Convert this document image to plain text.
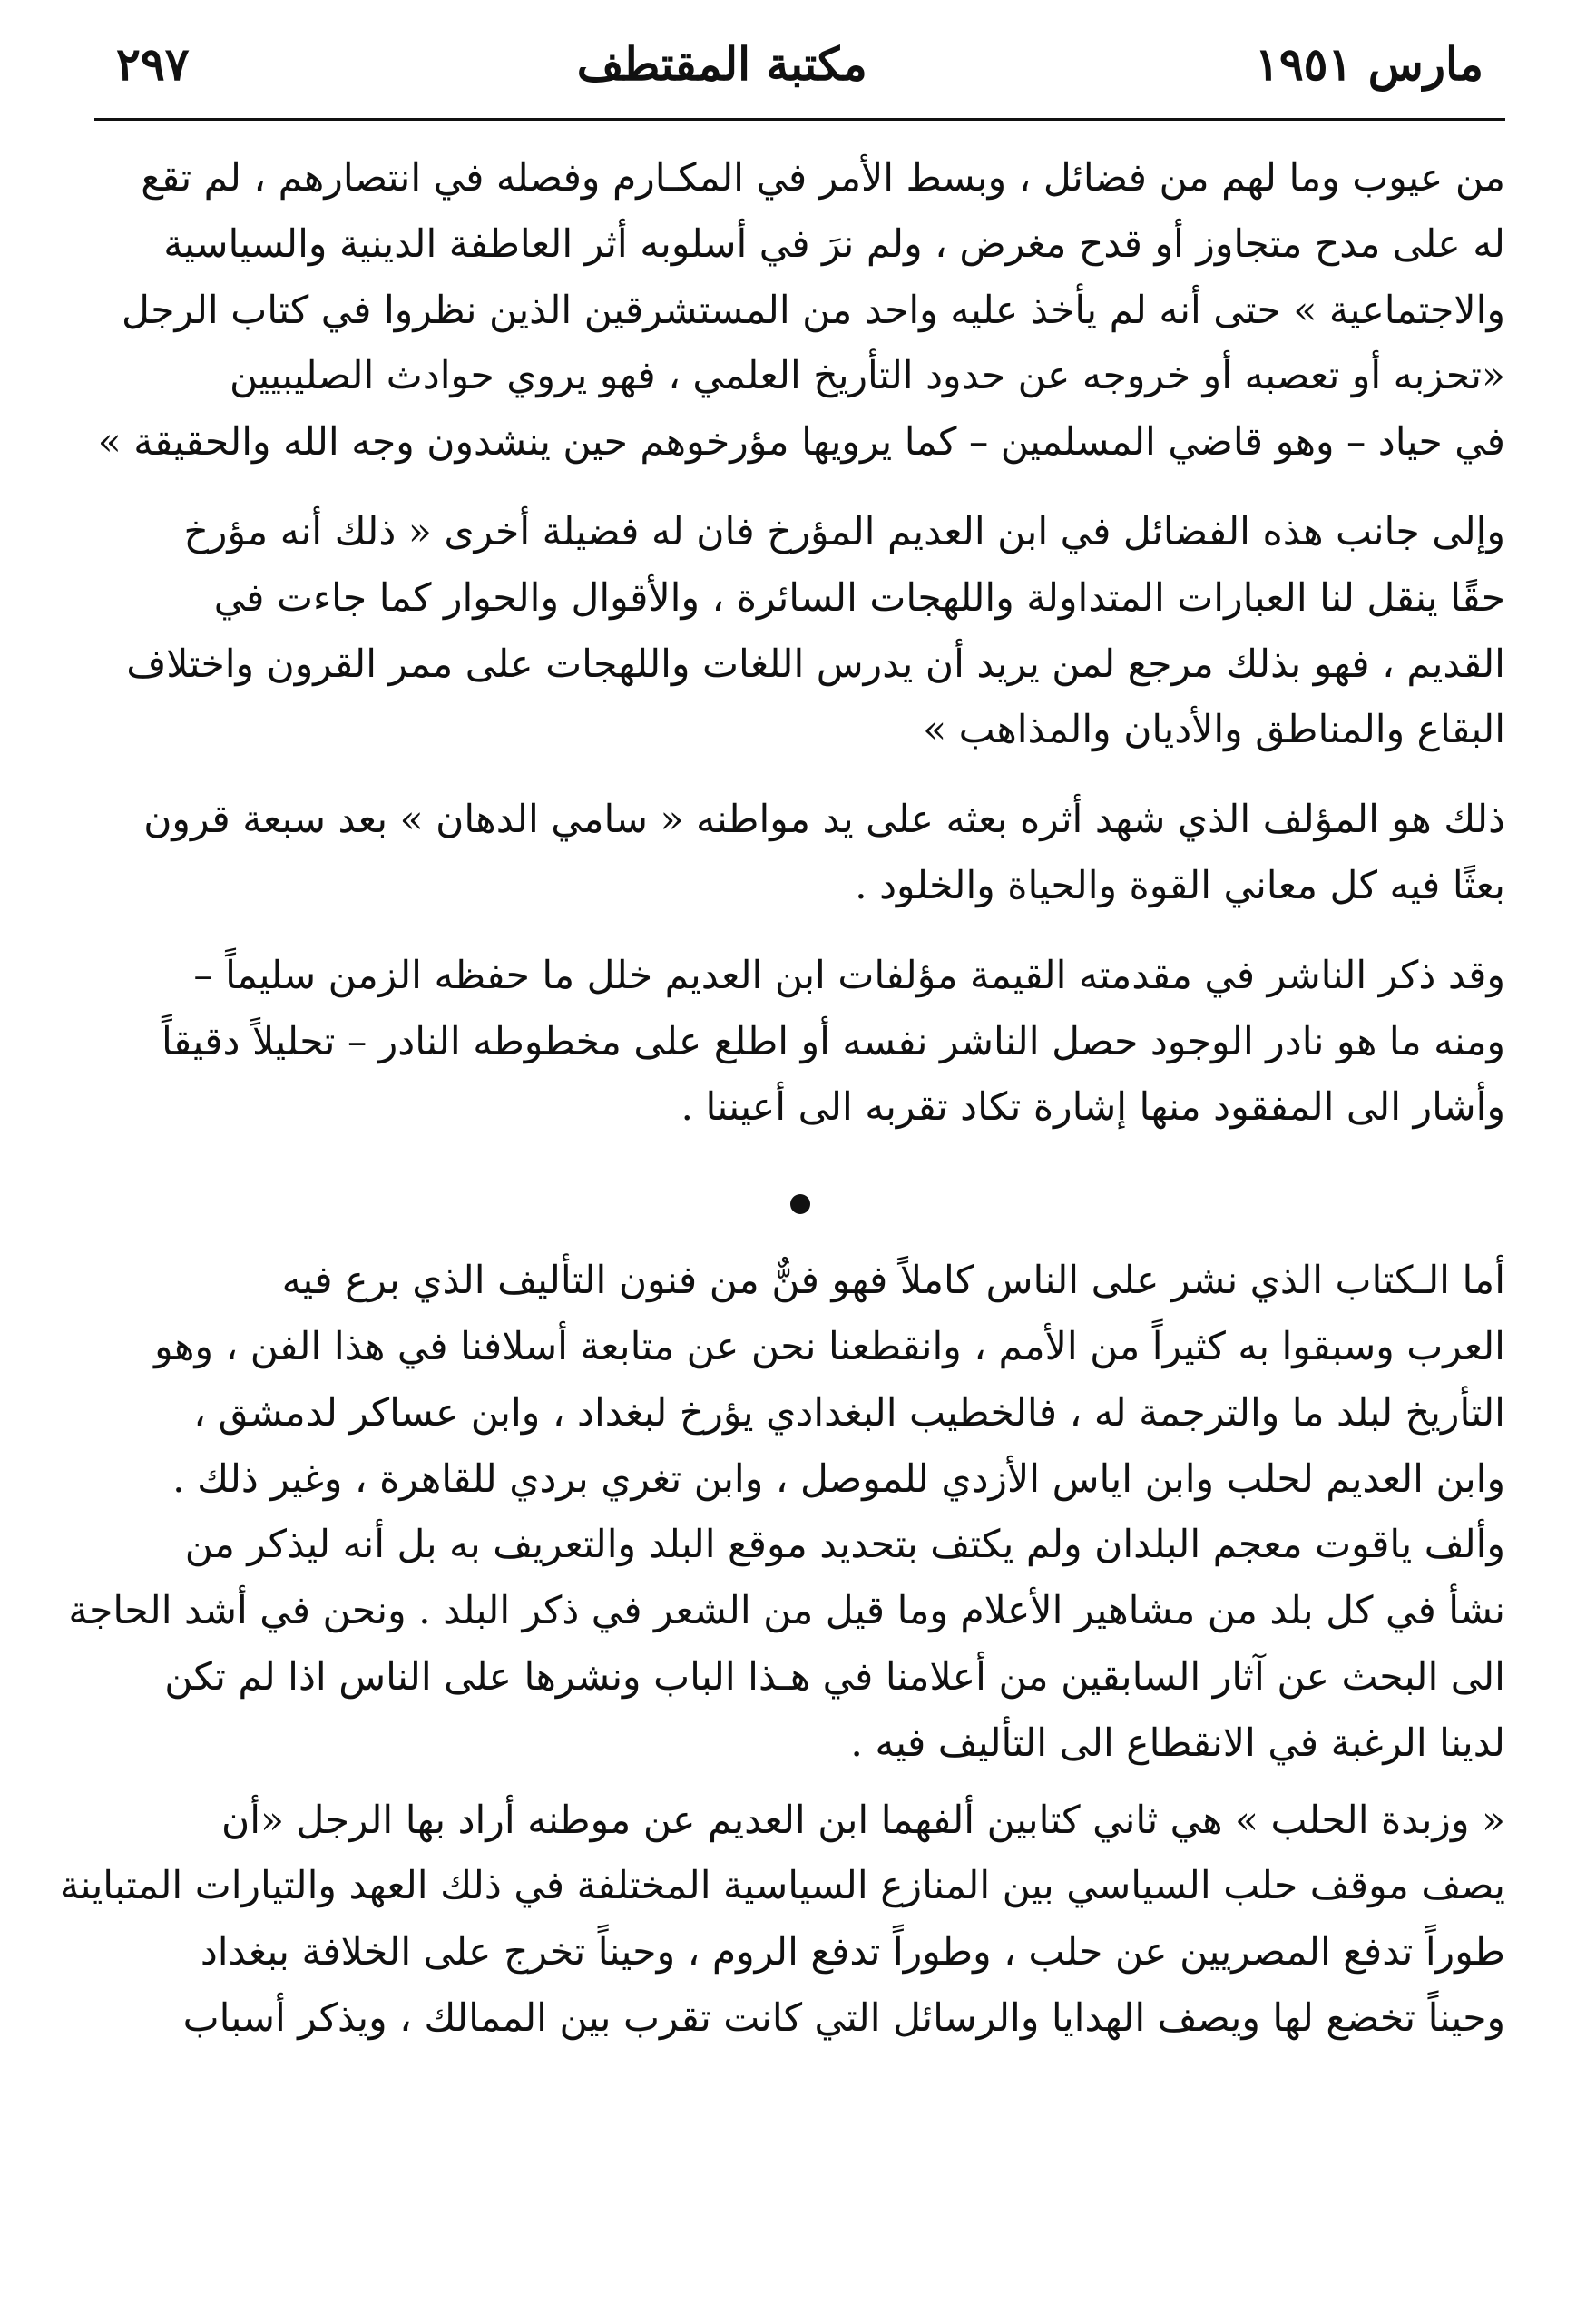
مارس ١٩٥١
مكتبة المقتطف
٢٩٧

من عيوب وما لهم من فضائل ، وبسط الأمر في المكـارم وفصله في انتصارهم ، لم تقع
له على مدح متجاوز أو قدح مغرض ، ولم نرَ في أسلوبه أثر العاطفة الدينية والسياسية
والاجتماعية » حتى أنه لم يأخذ عليه واحد من المستشرقين الذين نظروا في كتاب الرجل
«تحزبه أو تعصبه أو خروجه عن حدود التأريخ العلمي ، فهو يروي حوادث الصليبيين
في حياد – وهو قاضي المسلمين – كما يرويها مؤرخوهم حين ينشدون وجه الله والحقيقة »

وإلى جانب هذه الفضائل في ابن العديم المؤرخ فان له فضيلة أخرى « ذلك أنه مؤرخ
حقًا ينقل لنا العبارات المتداولة واللهجات السائرة ، والأقوال والحوار كما جاءت في
القديم ، فهو بذلك مرجع لمن يريد أن يدرس اللغات واللهجات على ممر القرون واختلاف
البقاع والمناطق والأديان والمذاهب »

ذلك هو المؤلف الذي شهد أثره بعثه على يد مواطنه « سامي الدهان » بعد سبعة قرون
بعثًا فيه كل معاني القوة والحياة والخلود .

وقد ذكر الناشر في مقدمته القيمة مؤلفات ابن العديم خلل ما حفظه الزمن سليماً –
ومنه ما هو نادر الوجود حصل الناشر نفسه أو اطلع على مخطوطه النادر – تحليلاً دقيقاً
وأشار الى المفقود منها إشارة تكاد تقربه الى أعيننا .

أما الـكتاب الذي نشر على الناس كاملاً فهو فنٌّ من فنون التأليف الذي برع فيه
العرب وسبقوا به كثيراً من الأمم ، وانقطعنا نحن عن متابعة أسلافنا في هذا الفن ، وهو
التأريخ لبلد ما والترجمة له ، فالخطيب البغدادي يؤرخ لبغداد ، وابن عساكر لدمشق ،
وابن العديم لحلب وابن اياس الأزدي للموصل ، وابن تغري بردي للقاهرة ، وغير ذلك .
وألف ياقوت معجم البلدان ولم يكتف بتحديد موقع البلد والتعريف به بل أنه ليذكر من
نشأ في كل بلد من مشاهير الأعلام وما قيل من الشعر في ذكر البلد . ونحن في أشد الحاجة
الى البحث عن آثار السابقين من أعلامنا في هـذا الباب ونشرها على الناس اذا لم تكن
لدينا الرغبة في الانقطاع الى التأليف فيه .

« وزبدة الحلب » هي ثاني كتابين ألفهما ابن العديم عن موطنه أراد بها الرجل «أن
يصف موقف حلب السياسي بين المنازع السياسية المختلفة في ذلك العهد والتيارات المتباينة
طوراً تدفع المصريين عن حلب ، وطوراً تدفع الروم ، وحيناً تخرج على الخلافة ببغداد
وحيناً تخضع لها ويصف الهدايا والرسائل التي كانت تقرب بين الممالك ، ويذكر أسباب
